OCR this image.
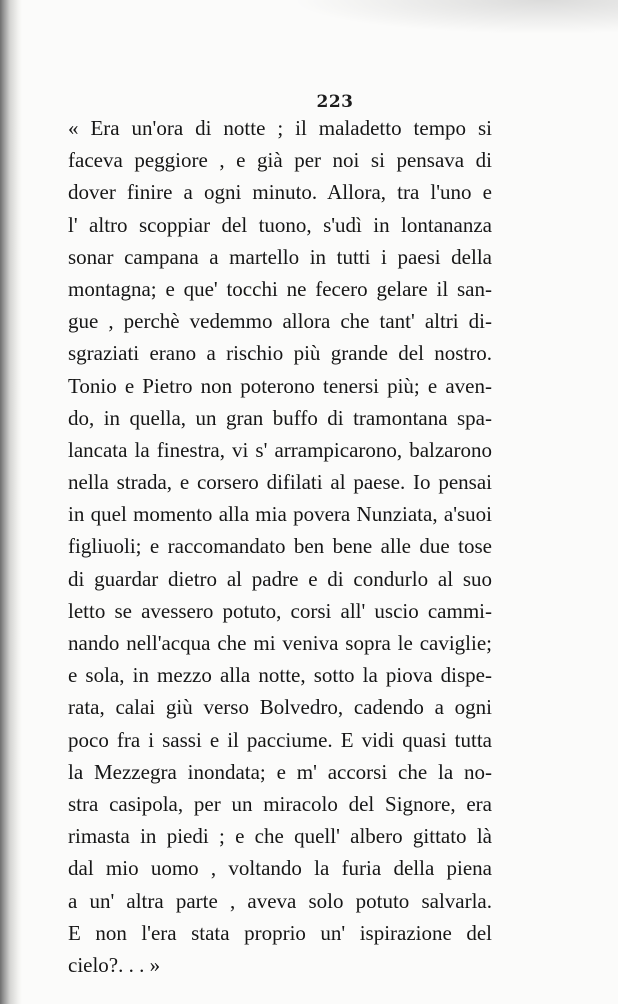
223

« Era un'ora di notte ; il maladetto tempo si
faceva peggiore , e già per noi si pensava di
dover finire a ogni minuto. Allora, tra l'uno e
l' altro scoppiar del tuono, s'udì in lontananza
sonar campana a martello in tutti i paesi della
montagna; e que' tocchi ne fecero gelare il san-
gue , perchè vedemmo allora che tant' altri di-
sgraziati erano a rischio più grande del nostro.
Tonio e Pietro non poterono tenersi più; e aven-
do, in quella, un gran buffo di tramontana spa-
lancata la finestra, vi s' arrampicarono, balzarono
nella strada, e corsero difilati al paese. Io pensai
in quel momento alla mia povera Nunziata, a'suoi
figliuoli; e raccomandato ben bene alle due tose
di guardar dietro al padre e di condurlo al suo
letto se avessero potuto, corsi all' uscio cammi-
nando nell'acqua che mi veniva sopra le caviglie;
e sola, in mezzo alla notte, sotto la piova dispe-
rata, calai giù verso Bolvedro, cadendo a ogni
poco fra i sassi e il pacciume. E vidi quasi tutta
la Mezzegra inondata; e m' accorsi che la no-
stra casipola, per un miracolo del Signore, era
rimasta in piedi ; e che quell' albero gittato là
dal mio uomo , voltando la furia della piena
a un' altra parte , aveva solo potuto salvarla.
E non l'era stata proprio un' ispirazione del
cielo?. . . »
